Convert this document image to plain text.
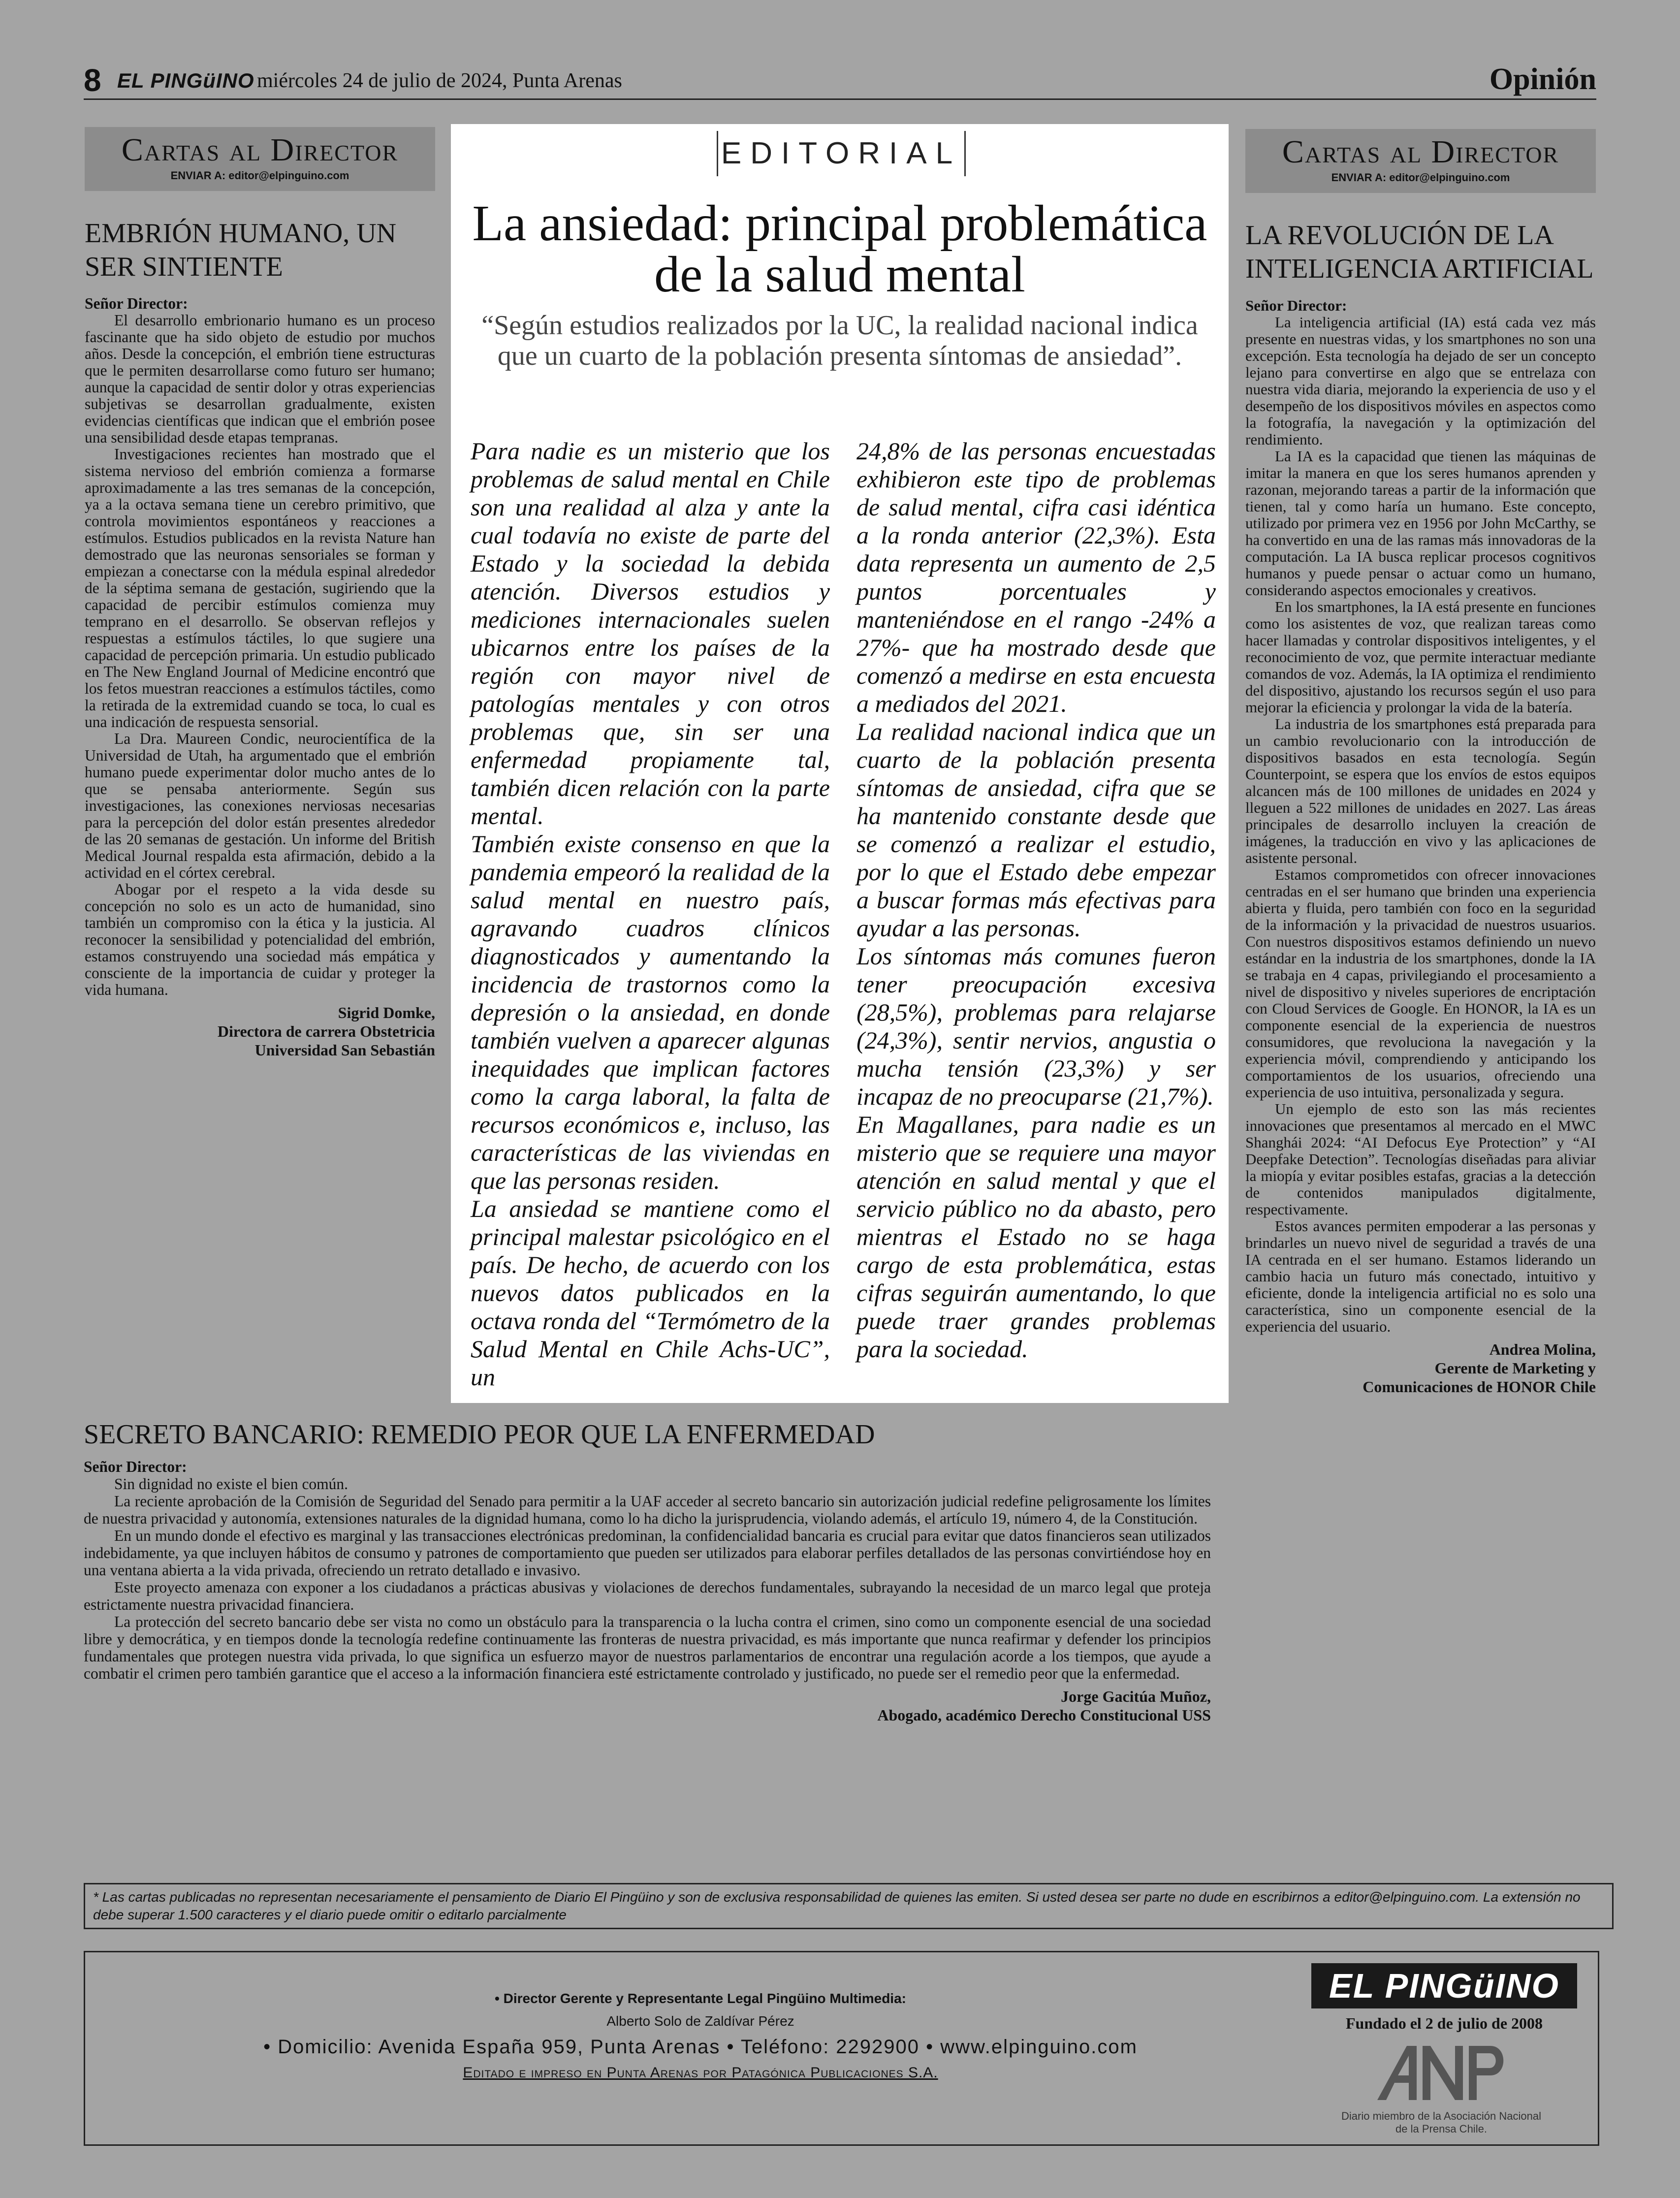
8 EL PINGüINO miércoles 24 de julio de 2024, Punta Arenas	Opinión
Cartas al Director
ENVIAR A: editor@elpinguino.com
EMBRIÓN HUMANO, UN SER SINTIENTE

Señor Director:

El desarrollo embrionario humano es un proceso fascinante que ha sido objeto de estudio por muchos años. Desde la concepción, el embrión tiene estructuras que le permiten desarrollarse como futuro ser humano; aunque la capacidad de sentir dolor y otras experiencias subjetivas se desarrollan gradualmente, existen evidencias científicas que indican que el embrión posee una sensibilidad desde etapas tempranas.

Investigaciones recientes han mostrado que el sistema nervioso del embrión comienza a formarse aproximadamente a las tres semanas de la concepción, ya a la octava semana tiene un cerebro primitivo, que controla movimientos espontáneos y reacciones a estímulos. Estudios publicados en la revista Nature han demostrado que las neuronas sensoriales se forman y empiezan a conectarse con la médula espinal alrededor de la séptima semana de gestación, sugiriendo que la capacidad de percibir estímulos comienza muy temprano en el desarrollo. Se observan reflejos y respuestas a estímulos táctiles, lo que sugiere una capacidad de percepción primaria. Un estudio publicado en The New England Journal of Medicine encontró que los fetos muestran reacciones a estímulos táctiles, como la retirada de la extremidad cuando se toca, lo cual es una indicación de respuesta sensorial.

La Dra. Maureen Condic, neurocientífica de la Universidad de Utah, ha argumentado que el embrión humano puede experimentar dolor mucho antes de lo que se pensaba anteriormente. Según sus investigaciones, las conexiones nerviosas necesarias para la percepción del dolor están presentes alrededor de las 20 semanas de gestación. Un informe del British Medical Journal respalda esta afirmación, debido a la actividad en el córtex cerebral.

Abogar por el respeto a la vida desde su concepción no solo es un acto de humanidad, sino también un compromiso con la ética y la justicia. Al reconocer la sensibilidad y potencialidad del embrión, estamos construyendo una sociedad más empática y consciente de la importancia de cuidar y proteger la vida humana.

Sigrid Domke,
Directora de carrera Obstetricia
Universidad San Sebastián
EDITORIAL
La ansiedad: principal problemática de la salud mental
“Según estudios realizados por la UC, la realidad nacional indica que un cuarto de la población presenta síntomas de ansiedad”.

Para nadie es un misterio que los problemas de salud mental en Chile son una realidad al alza y ante la cual todavía no existe de parte del Estado y la sociedad la debida atención. Diversos estudios y mediciones internacionales suelen ubicarnos entre los países de la región con mayor nivel de patologías mentales y con otros problemas que, sin ser una enfermedad propiamente tal, también dicen relación con la parte mental.

También existe consenso en que la pandemia empeoró la realidad de la salud mental en nuestro país, agravando cuadros clínicos diagnosticados y aumentando la incidencia de trastornos como la depresión o la ansiedad, en donde también vuelven a aparecer algunas inequidades que implican factores como la carga laboral, la falta de recursos económicos e, incluso, las características de las viviendas en que las personas residen.

La ansiedad se mantiene como el principal malestar psicológico en el país. De hecho, de acuerdo con los nuevos datos publicados en la octava ronda del “Termómetro de la Salud Mental en Chile Achs-UC”, un

24,8% de las personas encuestadas exhibieron este tipo de problemas de salud mental, cifra casi idéntica a la ronda anterior (22,3%). Esta data representa un aumento de 2,5 puntos porcentuales y manteniéndose en el rango -24% a 27%- que ha mostrado desde que comenzó a medirse en esta encuesta a mediados del 2021.

La realidad nacional indica que un cuarto de la población presenta síntomas de ansiedad, cifra que se ha mantenido constante desde que se comenzó a realizar el estudio, por lo que el Estado debe empezar a buscar formas más efectivas para ayudar a las personas.

Los síntomas más comunes fueron tener preocupación excesiva (28,5%), problemas para relajarse (24,3%), sentir nervios, angustia o mucha tensión (23,3%) y ser incapaz de no preocuparse (21,7%).

En Magallanes, para nadie es un misterio que se requiere una mayor atención en salud mental y que el servicio público no da abasto, pero mientras el Estado no se haga cargo de esta problemática, estas cifras seguirán aumentando, lo que puede traer grandes problemas para la sociedad.

Cartas al Director
ENVIAR A: editor@elpinguino.com
LA REVOLUCIÓN DE LA INTELIGENCIA ARTIFICIAL

Señor Director:

La inteligencia artificial (IA) está cada vez más presente en nuestras vidas, y los smartphones no son una excepción. Esta tecnología ha dejado de ser un concepto lejano para convertirse en algo que se entrelaza con nuestra vida diaria, mejorando la experiencia de uso y el desempeño de los dispositivos móviles en aspectos como la fotografía, la navegación y la optimización del rendimiento.

La IA es la capacidad que tienen las máquinas de imitar la manera en que los seres humanos aprenden y razonan, mejorando tareas a partir de la información que tienen, tal y como haría un humano. Este concepto, utilizado por primera vez en 1956 por John McCarthy, se ha convertido en una de las ramas más innovadoras de la computación. La IA busca replicar procesos cognitivos humanos y puede pensar o actuar como un humano, considerando aspectos emocionales y creativos.

En los smartphones, la IA está presente en funciones como los asistentes de voz, que realizan tareas como hacer llamadas y controlar dispositivos inteligentes, y el reconocimiento de voz, que permite interactuar mediante comandos de voz. Además, la IA optimiza el rendimiento del dispositivo, ajustando los recursos según el uso para mejorar la eficiencia y prolongar la vida de la batería.

La industria de los smartphones está preparada para un cambio revolucionario con la introducción de dispositivos basados en esta tecnología. Según Counterpoint, se espera que los envíos de estos equipos alcancen más de 100 millones de unidades en 2024 y lleguen a 522 millones de unidades en 2027. Las áreas principales de desarrollo incluyen la creación de imágenes, la traducción en vivo y las aplicaciones de asistente personal.

Estamos comprometidos con ofrecer innovaciones centradas en el ser humano que brinden una experiencia abierta y fluida, pero también con foco en la seguridad de la información y la privacidad de nuestros usuarios. Con nuestros dispositivos estamos definiendo un nuevo estándar en la industria de los smartphones, donde la IA se trabaja en 4 capas, privilegiando el procesamiento a nivel de dispositivo y niveles superiores de encriptación con Cloud Services de Google. En HONOR, la IA es un componente esencial de la experiencia de nuestros consumidores, que revoluciona la navegación y la experiencia móvil, comprendiendo y anticipando los comportamientos de los usuarios, ofreciendo una experiencia de uso intuitiva, personalizada y segura.

Un ejemplo de esto son las más recientes innovaciones que presentamos al mercado en el MWC Shanghái 2024: “AI Defocus Eye Protection” y “AI Deepfake Detection”. Tecnologías diseñadas para aliviar la miopía y evitar posibles estafas, gracias a la detección de contenidos manipulados digitalmente, respectivamente.

Estos avances permiten empoderar a las personas y brindarles un nuevo nivel de seguridad a través de una IA centrada en el ser humano. Estamos liderando un cambio hacia un futuro más conectado, intuitivo y eficiente, donde la inteligencia artificial no es solo una característica, sino un componente esencial de la experiencia del usuario.

Andrea Molina,
Gerente de Marketing y
Comunicaciones de HONOR Chile

SECRETO BANCARIO: REMEDIO PEOR QUE LA ENFERMEDAD

Señor Director:

Sin dignidad no existe el bien común.

La reciente aprobación de la Comisión de Seguridad del Senado para permitir a la UAF acceder al secreto bancario sin autorización judicial redefine peligrosamente los límites de nuestra privacidad y autonomía, extensiones naturales de la dignidad humana, como lo ha dicho la jurisprudencia, violando además, el artículo 19, número 4, de la Constitución.

En un mundo donde el efectivo es marginal y las transacciones electrónicas predominan, la confidencialidad bancaria es crucial para evitar que datos financieros sean utilizados indebidamente, ya que incluyen hábitos de consumo y patrones de comportamiento que pueden ser utilizados para elaborar perfiles detallados de las personas convirtiéndose hoy en una ventana abierta a la vida privada, ofreciendo un retrato detallado e invasivo.

Este proyecto amenaza con exponer a los ciudadanos a prácticas abusivas y violaciones de derechos fundamentales, subrayando la necesidad de un marco legal que proteja estrictamente nuestra privacidad financiera.

La protección del secreto bancario debe ser vista no como un obstáculo para la transparencia o la lucha contra el crimen, sino como un componente esencial de una sociedad libre y democrática, y en tiempos donde la tecnología redefine continuamente las fronteras de nuestra privacidad, es más importante que nunca reafirmar y defender los principios fundamentales que protegen nuestra vida privada, lo que significa un esfuerzo mayor de nuestros parlamentarios de encontrar una regulación acorde a los tiempos, que ayude a combatir el crimen pero también garantice que el acceso a la información financiera esté estrictamente controlado y justificado, no puede ser el remedio peor que la enfermedad.

Jorge Gacitúa Muñoz,
Abogado, académico Derecho Constitucional USS
* Las cartas publicadas no representan necesariamente el pensamiento de Diario El Pingüino y son de exclusiva responsabilidad de quienes las emiten. Si usted desea ser parte no dude en escribirnos a editor@elpinguino.com. La extensión no debe superar 1.500 caracteres y el diario puede omitir o editarlo parcialmente
• Director Gerente y Representante Legal Pingüino Multimedia:
Alberto Solo de Zaldívar Pérez
• Domicilio: Avenida España 959, Punta Arenas • Teléfono: 2292900 • www.elpinguino.com
Editado e impreso en Punta Arenas por Patagónica Publicaciones S.A.
EL PINGüINO
Fundado el 2 de julio de 2008
Diario miembro de la Asociación Nacional de la Prensa Chile.
